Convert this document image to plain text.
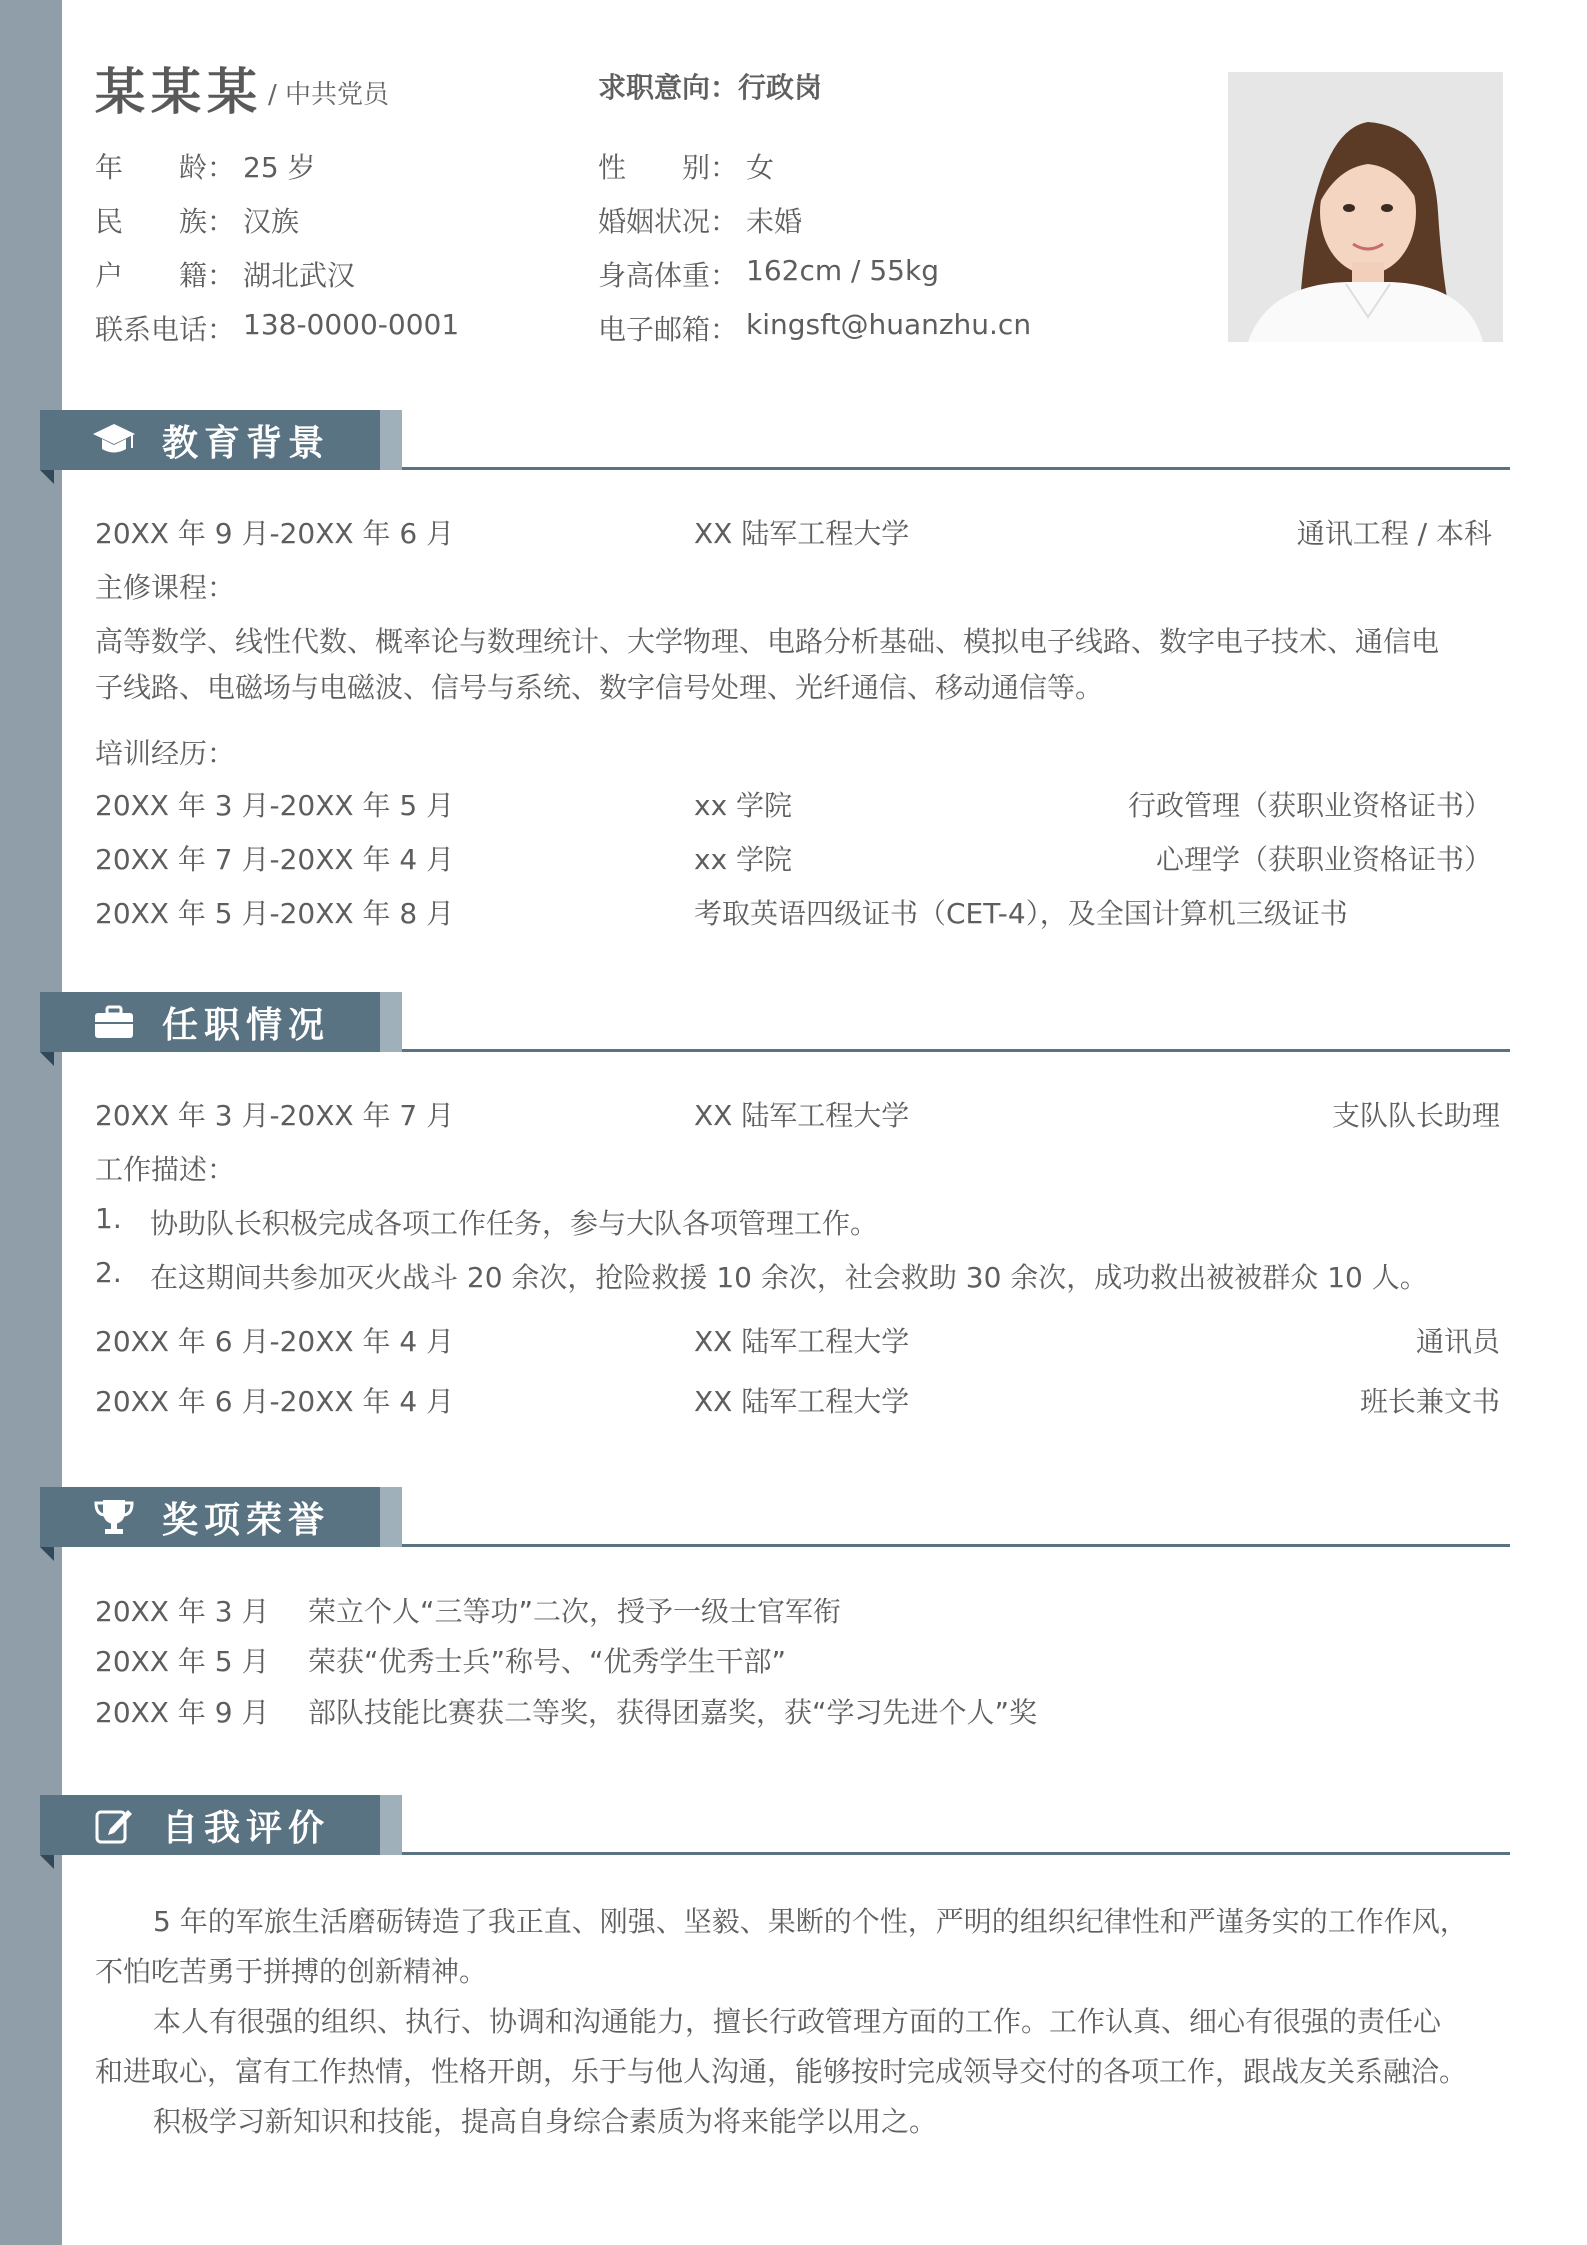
某某某 / 中共党员	求职意向：行政岗
年　　龄： 25 岁
民　　族： 汉族
户　　籍： 湖北武汉
联系电话： 138-0000-0001
性　　别： 女
婚姻状况： 未婚
身高体重： 162cm / 55kg
电子邮箱： kingsft@huanzhu.cn
教育背景
20XX 年 9 月-20XX 年 6 月	XX 陆军工程大学	通讯工程 / 本科
主修课程：
高等数学、线性代数、概率论与数理统计、大学物理、电路分析基础、模拟电子线路、数字电子技术、通信电
子线路、电磁场与电磁波、信号与系统、数字信号处理、光纤通信、移动通信等。
培训经历：
20XX 年 3 月-20XX 年 5 月	xx 学院	行政管理（获职业资格证书）
20XX 年 7 月-20XX 年 4 月	xx 学院	心理学（获职业资格证书）
20XX 年 5 月-20XX 年 8 月	考取英语四级证书（CET-4），及全国计算机三级证书
任职情况
20XX 年 3 月-20XX 年 7 月	XX 陆军工程大学	支队队长助理
工作描述：
1. 协助队长积极完成各项工作任务，参与大队各项管理工作。
2. 在这期间共参加灭火战斗 20 余次，抢险救援 10 余次，社会救助 30 余次，成功救出被被群众 10 人。
20XX 年 6 月-20XX 年 4 月	XX 陆军工程大学	通讯员
20XX 年 6 月-20XX 年 4 月	XX 陆军工程大学	班长兼文书
奖项荣誉
20XX 年 3 月 荣立个人“三等功”二次，授予一级士官军衔
20XX 年 5 月 荣获“优秀士兵”称号、“优秀学生干部”
20XX 年 9 月 部队技能比赛获二等奖，获得团嘉奖，获“学习先进个人”奖
自我评价
5 年的军旅生活磨砺铸造了我正直、刚强、坚毅、果断的个性，严明的组织纪律性和严谨务实的工作作风，
不怕吃苦勇于拼搏的创新精神。
本人有很强的组织、执行、协调和沟通能力，擅长行政管理方面的工作。工作认真、细心有很强的责任心
和进取心，富有工作热情，性格开朗，乐于与他人沟通，能够按时完成领导交付的各项工作，跟战友关系融洽。
积极学习新知识和技能，提高自身综合素质为将来能学以用之。
